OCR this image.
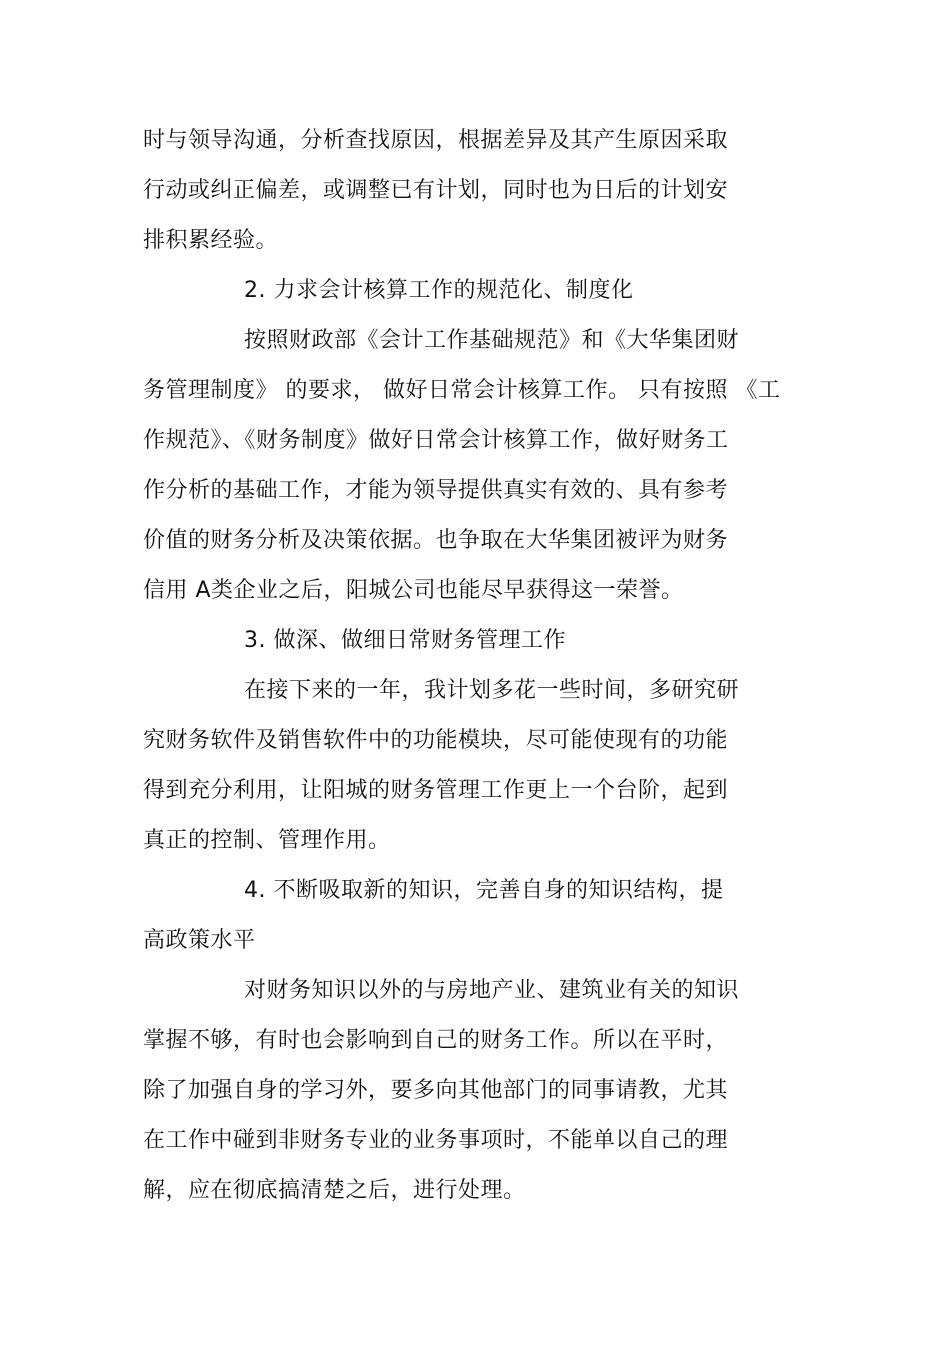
时与领导沟通，分析查找原因，根据差异及其产生原因采取
行动或纠正偏差，或调整已有计划，同时也为日后的计划安
排积累经验。
2. 力求会计核算工作的规范化、制度化
按照财政部《会计工作基础规范》和《大华集团财
务管理制度》 的要求， 做好日常会计核算工作。 只有按照 《工
作规范》、《财务制度》做好日常会计核算工作，做好财务工
作分析的基础工作，才能为领导提供真实有效的、具有参考
价值的财务分析及决策依据。也争取在大华集团被评为财务
信用 A类企业之后，阳城公司也能尽早获得这一荣誉。
3. 做深、做细日常财务管理工作
在接下来的一年，我计划多花一些时间，多研究研
究财务软件及销售软件中的功能模块，尽可能使现有的功能
得到充分利用，让阳城的财务管理工作更上一个台阶，起到
真正的控制、管理作用。
4. 不断吸取新的知识，完善自身的知识结构，提
高政策水平
对财务知识以外的与房地产业、建筑业有关的知识
掌握不够，有时也会影响到自己的财务工作。所以在平时，
除了加强自身的学习外，要多向其他部门的同事请教，尤其
在工作中碰到非财务专业的业务事项时，不能单以自己的理
解，应在彻底搞清楚之后，进行处理。
